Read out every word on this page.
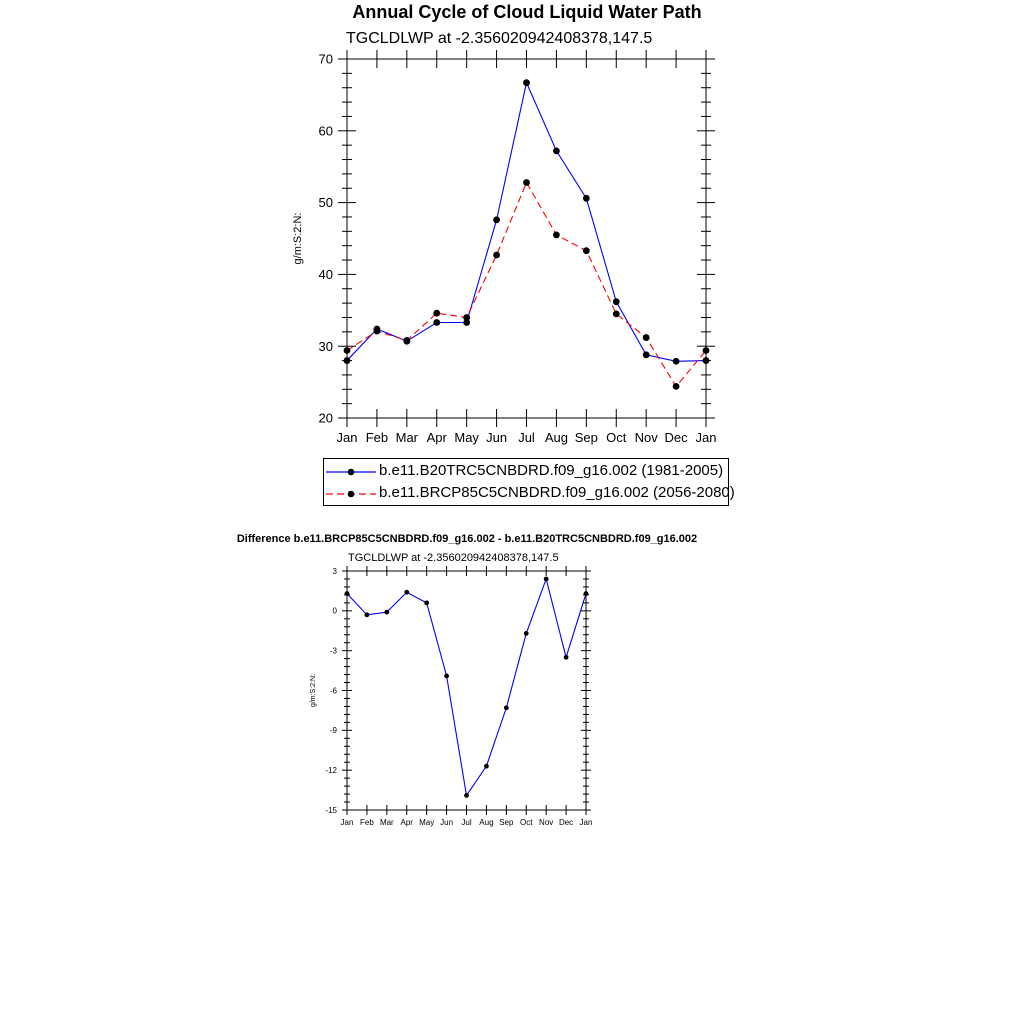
Annual Cycle of Cloud Liquid Water Path
TGCLDLWP at -2.356020942408378,147.5
Difference b.e11.BRCP85C5CNBDRD.f09_g16.002 - b.e11.B20TRC5CNBDRD.f09_g16.002
TGCLDLWP at -2.356020942408378,147.5
20
30
40
50
60
70
Jan Feb Mar Apr May Jun Jul Aug Sep Oct Nov Dec Jan
g/m:S:2:N:
-15
-12
-9
-6
-3
0
3
Jan Feb Mar Apr May Jun Jul Aug Sep Oct Nov Dec Jan
g/m:S:2:N:
b.e11.B20TRC5CNBDRD.f09_g16.002 (1981-2005)
b.e11.BRCP85C5CNBDRD.f09_g16.002 (2056-2080)
